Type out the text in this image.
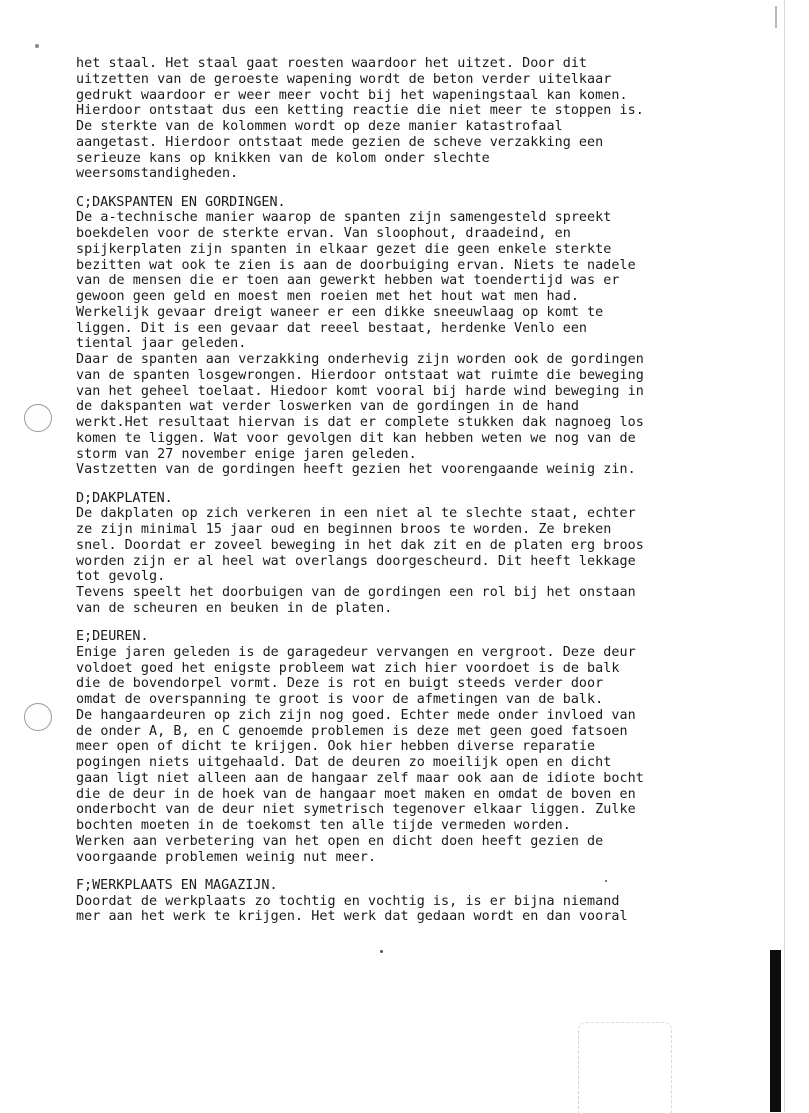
het staal. Het staal gaat roesten waardoor het uitzet. Door dit
uitzetten van de geroeste wapening wordt de beton verder uitelkaar
gedrukt waardoor er weer meer vocht bij het wapeningstaal kan komen.
Hierdoor ontstaat dus een ketting reactie die niet meer te stoppen is.
De sterkte van de kolommen wordt op deze manier katastrofaal
aangetast. Hierdoor ontstaat mede gezien de scheve verzakking een
serieuze kans op knikken van de kolom onder slechte
weersomstandigheden.
C;DAKSPANTEN EN GORDINGEN.
De a-technische manier waarop de spanten zijn samengesteld spreekt
boekdelen voor de sterkte ervan. Van sloophout, draadeind, en
spijkerplaten zijn spanten in elkaar gezet die geen enkele sterkte
bezitten wat ook te zien is aan de doorbuiging ervan. Niets te nadele
van de mensen die er toen aan gewerkt hebben wat toendertijd was er
gewoon geen geld en moest men roeien met het hout wat men had.
Werkelijk gevaar dreigt waneer er een dikke sneeuwlaag op komt te
liggen. Dit is een gevaar dat reeel bestaat, herdenke Venlo een
tiental jaar geleden.
Daar de spanten aan verzakking onderhevig zijn worden ook de gordingen
van de spanten losgewrongen. Hierdoor ontstaat wat ruimte die beweging
van het geheel toelaat. Hiedoor komt vooral bij harde wind beweging in
de dakspanten wat verder loswerken van de gordingen in de hand
werkt.Het resultaat hiervan is dat er complete stukken dak nagnoeg los
komen te liggen. Wat voor gevolgen dit kan hebben weten we nog van de
storm van 27 november enige jaren geleden.
Vastzetten van de gordingen heeft gezien het voorengaande weinig zin.
D;DAKPLATEN.
De dakplaten op zich verkeren in een niet al te slechte staat, echter
ze zijn minimal 15 jaar oud en beginnen broos te worden. Ze breken
snel. Doordat er zoveel beweging in het dak zit en de platen erg broos
worden zijn er al heel wat overlangs doorgescheurd. Dit heeft lekkage
tot gevolg.
Tevens speelt het doorbuigen van de gordingen een rol bij het onstaan
van de scheuren en beuken in de platen.
E;DEUREN.
Enige jaren geleden is de garagedeur vervangen en vergroot. Deze deur
voldoet goed het enigste probleem wat zich hier voordoet is de balk
die de bovendorpel vormt. Deze is rot en buigt steeds verder door
omdat de overspanning te groot is voor de afmetingen van de balk.
De hangaardeuren op zich zijn nog goed. Echter mede onder invloed van
de onder A, B, en C genoemde problemen is deze met geen goed fatsoen
meer open of dicht te krijgen. Ook hier hebben diverse reparatie
pogingen niets uitgehaald. Dat de deuren zo moeilijk open en dicht
gaan ligt niet alleen aan de hangaar zelf maar ook aan de idiote bocht
die de deur in de hoek van de hangaar moet maken en omdat de boven en
onderbocht van de deur niet symetrisch tegenover elkaar liggen. Zulke
bochten moeten in de toekomst ten alle tijde vermeden worden.
Werken aan verbetering van het open en dicht doen heeft gezien de
voorgaande problemen weinig nut meer.
F;WERKPLAATS EN MAGAZIJN.
Doordat de werkplaats zo tochtig en vochtig is, is er bijna niemand
mer aan het werk te krijgen. Het werk dat gedaan wordt en dan vooral
